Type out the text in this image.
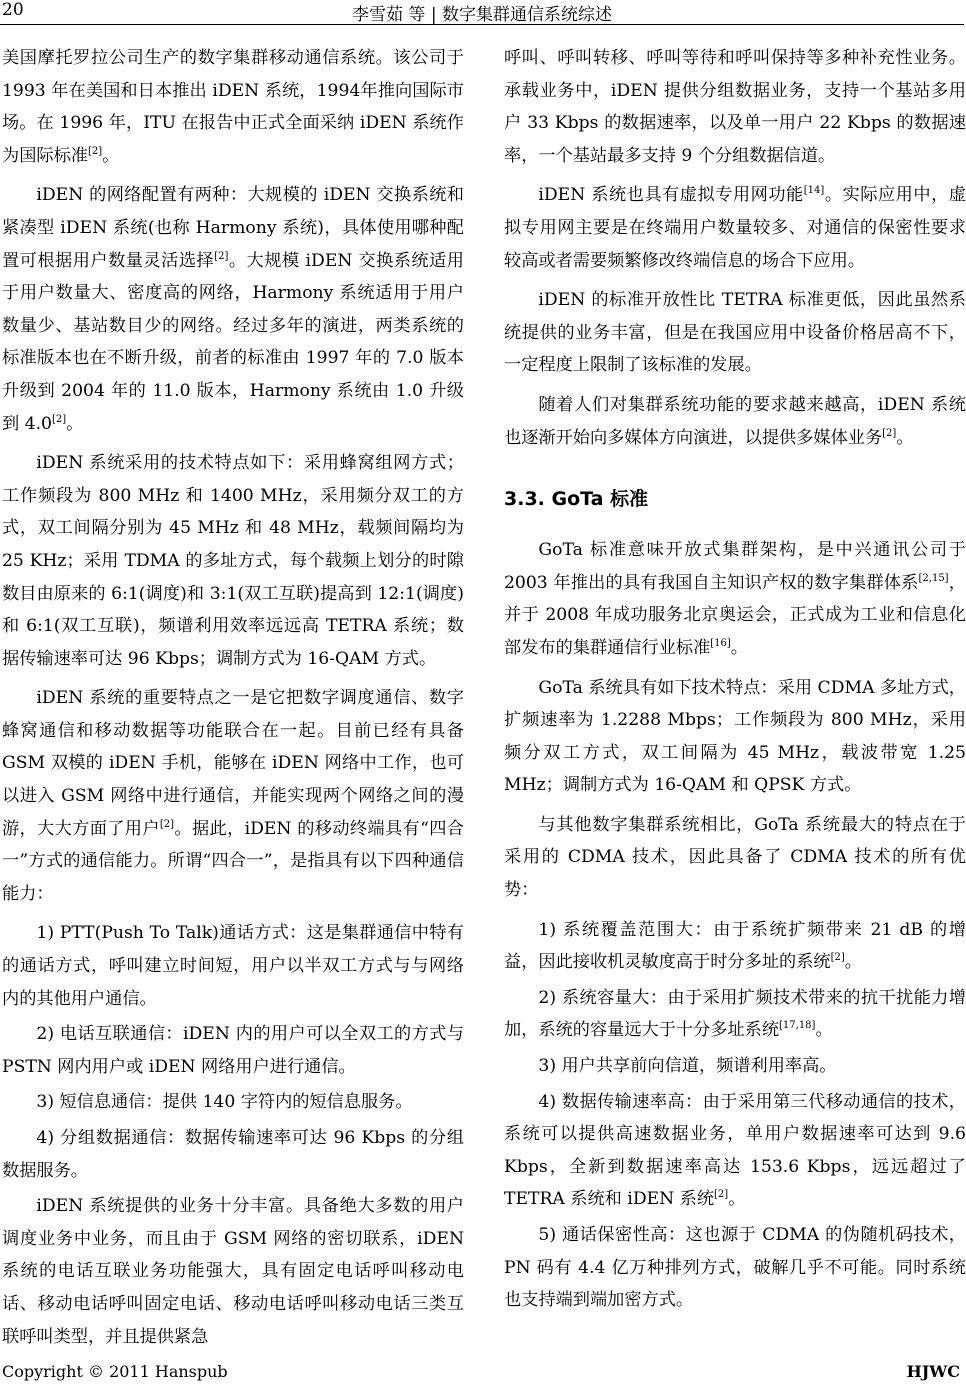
20	李雪茹 等 | 数字集群通信系统综述

美国摩托罗拉公司生产的数字集群移动通信系统。该公司于 1993 年在美国和日本推出 iDEN 系统，1994年推向国际市场。在 1996 年，ITU 在报告中正式全面采纳 iDEN 系统作为国际标准[2]。

iDEN 的网络配置有两种：大规模的 iDEN 交换系统和紧凑型 iDEN 系统(也称 Harmony 系统)，具体使用哪种配置可根据用户数量灵活选择[2]。大规模 iDEN 交换系统适用于用户数量大、密度高的网络，Harmony 系统适用于用户数量少、基站数目少的网络。经过多年的演进，两类系统的标准版本也在不断升级，前者的标准由 1997 年的 7.0 版本升级到 2004 年的 11.0 版本，Harmony 系统由 1.0 升级到 4.0[2]。

iDEN 系统采用的技术特点如下：采用蜂窝组网方式；工作频段为 800 MHz 和 1400 MHz，采用频分双工的方式，双工间隔分别为 45 MHz 和 48 MHz，载频间隔均为 25 KHz；采用 TDMA 的多址方式，每个载频上划分的时隙数目由原来的 6:1(调度)和 3:1(双工互联)提高到 12:1(调度)和 6:1(双工互联)，频谱利用效率远远高 TETRA 系统；数据传输速率可达 96 Kbps；调制方式为 16-QAM 方式。

iDEN 系统的重要特点之一是它把数字调度通信、数字蜂窝通信和移动数据等功能联合在一起。目前已经有具备 GSM 双模的 iDEN 手机，能够在 iDEN 网络中工作，也可以进入 GSM 网络中进行通信，并能实现两个网络之间的漫游，大大方面了用户[2]。据此，iDEN 的移动终端具有“四合一”方式的通信能力。所谓“四合一”，是指具有以下四种通信能力：

1) PTT(Push To Talk)通话方式：这是集群通信中特有的通话方式，呼叫建立时间短，用户以半双工方式与与网络内的其他用户通信。

2) 电话互联通信：iDEN 内的用户可以全双工的方式与 PSTN 网内用户或 iDEN 网络用户进行通信。

3) 短信息通信：提供 140 字符内的短信息服务。

4) 分组数据通信：数据传输速率可达 96 Kbps 的分组数据服务。

iDEN 系统提供的业务十分丰富。具备绝大多数的用户调度业务中业务，而且由于 GSM 网络的密切联系，iDEN 系统的电话互联业务功能强大，具有固定电话呼叫移动电话、移动电话呼叫固定电话、移动电话呼叫移动电话三类互联呼叫类型，并且提供紧急

呼叫、呼叫转移、呼叫等待和呼叫保持等多种补充性业务。承载业务中，iDEN 提供分组数据业务，支持一个基站多用户 33 Kbps 的数据速率，以及单一用户 22 Kbps 的数据速率，一个基站最多支持 9 个分组数据信道。

iDEN 系统也具有虚拟专用网功能[14]。实际应用中，虚拟专用网主要是在终端用户数量较多、对通信的保密性要求较高或者需要频繁修改终端信息的场合下应用。

iDEN 的标准开放性比 TETRA 标准更低，因此虽然系统提供的业务丰富，但是在我国应用中设备价格居高不下，一定程度上限制了该标准的发展。

随着人们对集群系统功能的要求越来越高，iDEN 系统也逐渐开始向多媒体方向演进，以提供多媒体业务[2]。

3.3. GoTa 标准

GoTa 标准意味开放式集群架构，是中兴通讯公司于 2003 年推出的具有我国自主知识产权的数字集群体系[2,15]，并于 2008 年成功服务北京奥运会，正式成为工业和信息化部发布的集群通信行业标准[16]。

GoTa 系统具有如下技术特点：采用 CDMA 多址方式，扩频速率为 1.2288 Mbps；工作频段为 800 MHz，采用频分双工方式，双工间隔为 45 MHz，载波带宽 1.25 MHz；调制方式为 16-QAM 和 QPSK 方式。

与其他数字集群系统相比，GoTa 系统最大的特点在于采用的 CDMA 技术，因此具备了 CDMA 技术的所有优势：

1) 系统覆盖范围大：由于系统扩频带来 21 dB 的增益，因此接收机灵敏度高于时分多址的系统[2]。

2) 系统容量大：由于采用扩频技术带来的抗干扰能力增加，系统的容量远大于十分多址系统[17,18]。

3) 用户共享前向信道，频谱利用率高。

4) 数据传输速率高：由于采用第三代移动通信的技术，系统可以提供高速数据业务，单用户数据速率可达到 9.6 Kbps，全新到数据速率高达 153.6 Kbps，远远超过了 TETRA 系统和 iDEN 系统[2]。

5) 通话保密性高：这也源于 CDMA 的伪随机码技术，PN 码有 4.4 亿万种排列方式，破解几乎不可能。同时系统也支持端到端加密方式。

Copyright © 2011 Hanspub	HJWC
